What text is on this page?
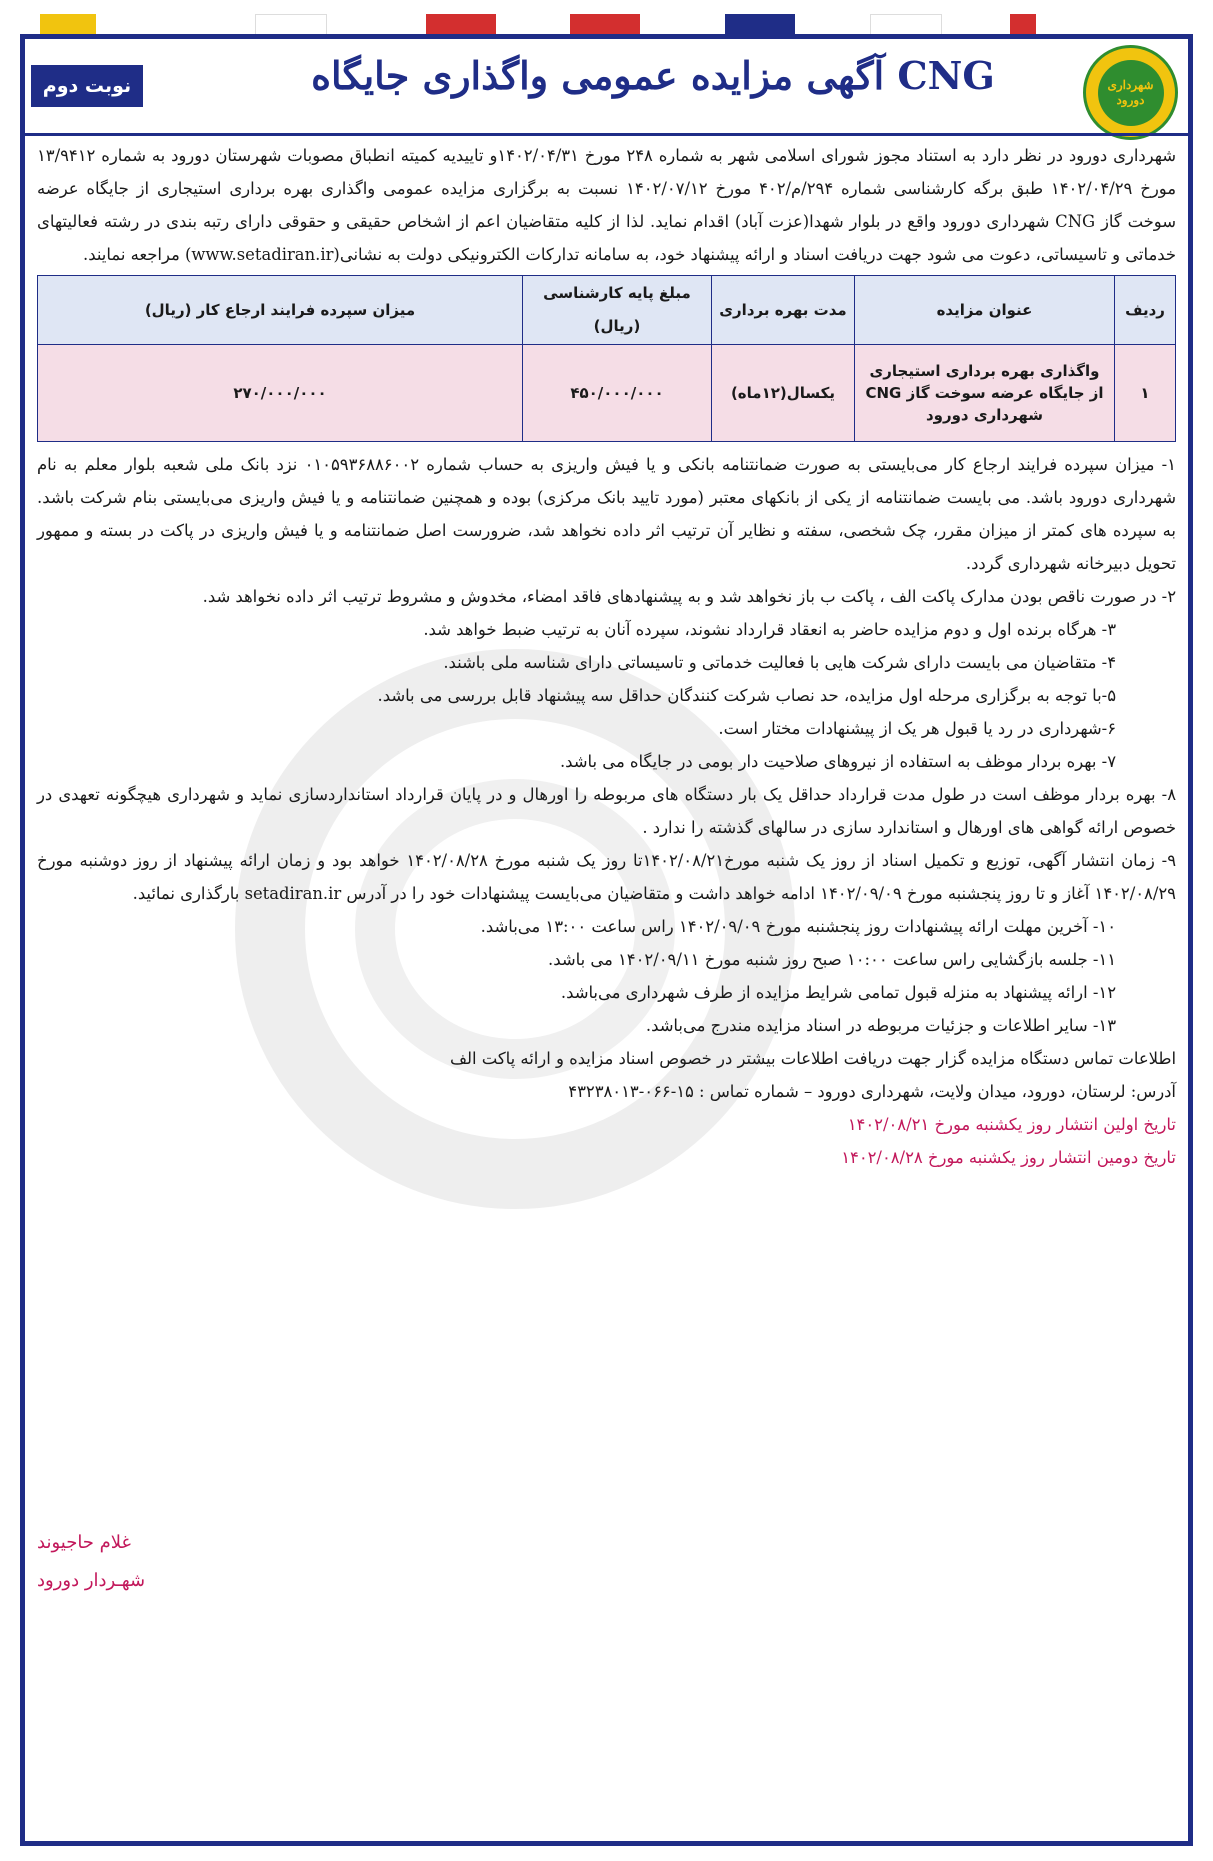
نوبت دوم	آگهی مزایده عمومی واگذاری جایگاه CNG	شهرداری دورود

شهرداری دورود در نظر دارد به استناد مجوز شورای اسلامی شهر به شماره ۲۴۸ مورخ ۱۴۰۲/۰۴/۳۱و تاییدیه کمیته انطباق مصوبات شهرستان دورود به شماره ۱۳/۹۴۱۲ مورخ ۱۴۰۲/۰۴/۲۹ طبق برگه کارشناسی شماره ۲۹۴/م/۴۰۲ مورخ ۱۴۰۲/۰۷/۱۲ نسبت به برگزاری مزایده عمومی واگذاری بهره برداری استیجاری از جایگاه عرضه سوخت گاز CNG شهرداری دورود واقع در بلوار شهدا(عزت آباد) اقدام نماید. لذا از کلیه متقاضیان اعم از اشخاص حقیقی و حقوقی دارای رتبه بندی در رشته فعالیتهای خدماتی و تاسیساتی، دعوت می شود جهت دریافت اسناد و ارائه پیشنهاد خود، به سامانه تدارکات الکترونیکی دولت به نشانی(www.setadiran.ir) مراجعه نمایند.

ردیف	عنوان مزایده	مدت بهره برداری	مبلغ پایه کارشناسی (ریال)	میزان سپرده فرایند ارجاع کار (ریال)
۱	واگذاری بهره برداری استیجاری
از جایگاه عرضه سوخت گاز CNG
شهرداری دورود	یکسال(۱۲ماه)	۴۵۰/۰۰۰/۰۰۰	۲۷۰/۰۰۰/۰۰۰

۱- میزان سپرده فرایند ارجاع کار می‌بایستی به صورت ضمانتنامه بانکی و یا فیش واریزی به حساب شماره ۰۱۰۵۹۳۶۸۸۶۰۰۲ نزد بانک ملی شعبه بلوار معلم به نام شهرداری دورود باشد. می بایست ضمانتنامه از یکی از بانکهای معتبر (مورد تایید بانک مرکزی) بوده و همچنین ضمانتنامه و یا فیش واریزی می‌بایستی بنام شرکت باشد. به سپرده های کمتر از میزان مقرر، چک شخصی، سفته و نظایر آن ترتیب اثر داده نخواهد شد، ضرورست اصل ضمانتنامه و یا فیش واریزی در پاکت در بسته و ممهور تحویل دبیرخانه شهرداری گردد.

۲- در صورت ناقص بودن مدارک پاکت الف ، پاکت ب باز نخواهد شد و به پیشنهادهای فاقد امضاء، مخدوش و مشروط ترتیب اثر داده نخواهد شد.

۳- هرگاه برنده اول و دوم مزایده حاضر به انعقاد قرارداد نشوند، سپرده آنان به ترتیب ضبط خواهد شد.

۴- متقاضیان می بایست دارای شرکت هایی با فعالیت خدماتی و تاسیساتی دارای شناسه ملی باشند.

۵-با توجه به برگزاری مرحله اول مزایده، حد نصاب شرکت کنندگان حداقل سه پیشنهاد قابل بررسی می باشد.

۶-شهرداری در رد یا قبول هر یک از پیشنهادات مختار است.

۷- بهره بردار موظف به استفاده از نیروهای صلاحیت دار بومی در جایگاه می باشد.

۸- بهره بردار موظف است در طول مدت قرارداد حداقل یک بار دستگاه های مربوطه را اورهال و در پایان قرارداد استانداردسازی نماید و شهرداری هیچگونه تعهدی در خصوص ارائه گواهی های اورهال و استاندارد سازی در سالهای گذشته را ندارد .

۹- زمان انتشار آگهی، توزیع و تکمیل اسناد از روز یک شنبه مورخ۱۴۰۲/۰۸/۲۱تا روز یک شنبه مورخ ۱۴۰۲/۰۸/۲۸ خواهد بود و زمان ارائه پیشنهاد از روز دوشنبه مورخ ۱۴۰۲/۰۸/۲۹ آغاز و تا روز پنجشنبه مورخ ۱۴۰۲/۰۹/۰۹ ادامه خواهد داشت و متقاضیان می‌بایست پیشنهادات خود را در آدرس setadiran.ir بارگذاری نمائید.

۱۰- آخرین مهلت ارائه پیشنهادات روز پنجشنبه مورخ ۱۴۰۲/۰۹/۰۹ راس ساعت ۱۳:۰۰ می‌باشد.

۱۱- جلسه بازگشایی راس ساعت ۱۰:۰۰ صبح روز شنبه مورخ ۱۴۰۲/۰۹/۱۱ می باشد.

۱۲- ارائه پیشنهاد به منزله قبول تمامی شرایط مزایده از طرف شهرداری می‌باشد.

۱۳- سایر اطلاعات و جزئیات مربوطه در اسناد مزایده مندرج می‌باشد.

اطلاعات تماس دستگاه مزایده گزار جهت دریافت اطلاعات بیشتر در خصوص اسناد مزایده و ارائه پاکت الف

آدرس: لرستان، دورود، میدان ولایت، شهرداری دورود – شماره تماس : ۱۵-۰۶۶-۴۳۲۳۸۰۱۳

تاریخ اولین انتشار روز یکشنبه مورخ ۱۴۰۲/۰۸/۲۱

تاریخ دومین انتشار روز یکشنبه مورخ ۱۴۰۲/۰۸/۲۸

غلام حاجیوند
شهـردار دورود
